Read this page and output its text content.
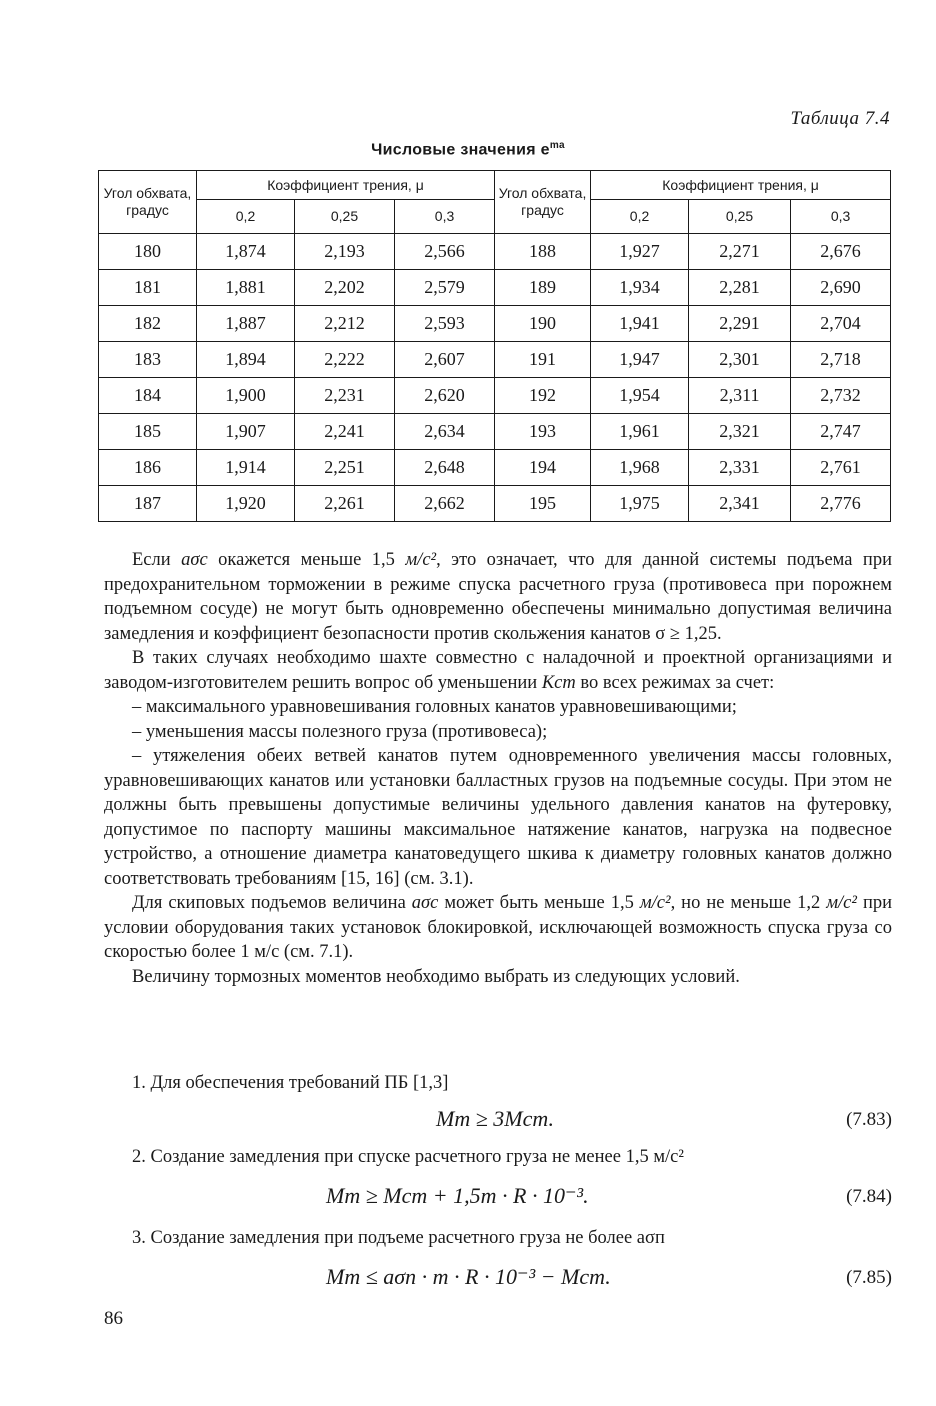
Таблица 7.4
Числовые значения $e^{ma}$
Угол обхвата, градус	Коэффициент трения, μ			Угол обхвата, градус	Коэффициент трения, μ		
	0,2	0,25	0,3		0,2	0,25	0,3
180	1,874	2,193	2,566	188	1,927	2,271	2,676
181	1,881	2,202	2,579	189	1,934	2,281	2,690
182	1,887	2,212	2,593	190	1,941	2,291	2,704
183	1,894	2,222	2,607	191	1,947	2,301	2,718
184	1,900	2,231	2,620	192	1,954	2,311	2,732
185	1,907	2,241	2,634	193	1,961	2,321	2,747
186	1,914	2,251	2,648	194	1,968	2,331	2,761
187	1,920	2,261	2,662	195	1,975	2,341	2,776

Если aσc окажется меньше 1,5 м/с², это означает, что для данной системы подъема при предохранительном торможении в режиме спуска расчетного груза (противовеса при порожнем подъемном сосуде) не могут быть одновременно обеспечены минимально допустимая величина замедления и коэффициент безопасности против скольжения канатов σ ≥ 1,25.

В таких случаях необходимо шахте совместно с наладочной и проектной организациями и заводом-изготовителем решить вопрос об уменьшении Kст во всех режимах за счет:

– максимального уравновешивания головных канатов уравновешивающими;

– уменьшения массы полезного груза (противовеса);

– утяжеления обеих ветвей канатов путем одновременного увеличения массы головных, уравновешивающих канатов или установки балластных грузов на подъемные сосуды. При этом не должны быть превышены допустимые величины удельного давления канатов на футеровку, допустимое по паспорту машины максимальное натяжение канатов, нагрузка на подвесное устройство, а отношение диаметра канатоведущего шкива к диаметру головных канатов должно соответствовать требованиям [15, 16] (см. 3.1).

Для скиповых подъемов величина aσc может быть меньше 1,5 м/с², но не меньше 1,2 м/с² при условии оборудования таких установок блокировкой, исключающей возможность спуска груза со скоростью более 1 м/с (см. 7.1).

Величину тормозных моментов необходимо выбрать из следующих условий.

1. Для обеспечения требований ПБ [1,3]
Mт ≥ 3Mст.	(7.83)
2. Создание замедления при спуске расчетного груза не менее 1,5 м/с²
Mт ≥ Mст + 1,5m · R · 10⁻³.	(7.84)
3. Создание замедления при подъеме расчетного груза не более aσп
Mт ≤ aσп · m · R · 10⁻³ − Mст.	(7.85)
86
